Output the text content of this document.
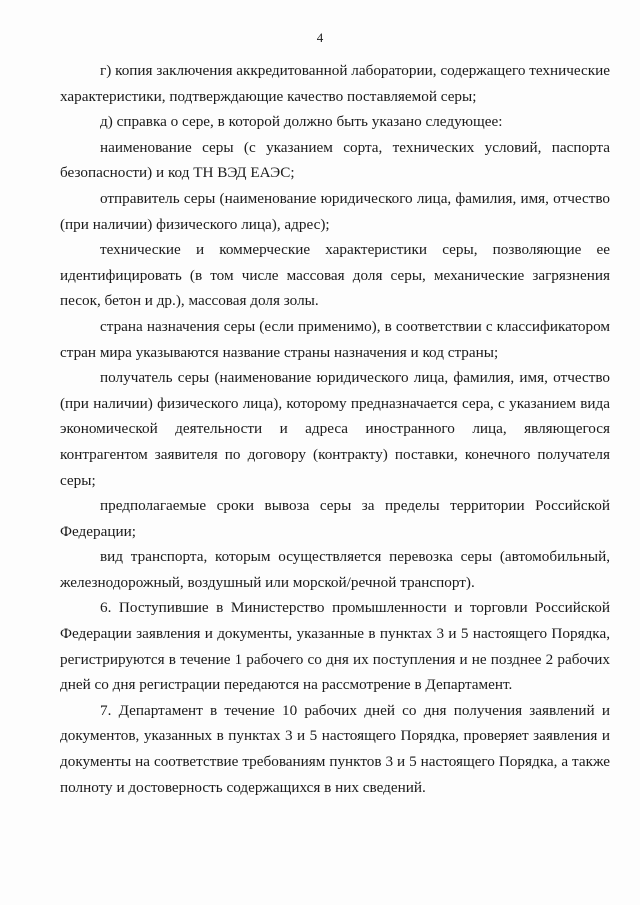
4

г) копия заключения аккредитованной лаборатории, содержащего технические характеристики, подтверждающие качество поставляемой серы;

д) справка о сере, в которой должно быть указано следующее:

наименование серы (с указанием сорта, технических условий, паспорта безопасности) и код ТН ВЭД ЕАЭС;

отправитель серы (наименование юридического лица, фамилия, имя, отчество (при наличии) физического лица), адрес);

технические и коммерческие характеристики серы, позволяющие ее идентифицировать (в том числе массовая доля серы, механические загрязнения песок, бетон и др.), массовая доля золы.

страна назначения серы (если применимо), в соответствии с классификатором стран мира указываются название страны назначения и код страны;

получатель серы (наименование юридического лица, фамилия, имя, отчество (при наличии) физического лица), которому предназначается сера, с указанием вида экономической деятельности и адреса иностранного лица, являющегося контрагентом заявителя по договору (контракту) поставки, конечного получателя серы;

предполагаемые сроки вывоза серы за пределы территории Российской Федерации;

вид транспорта, которым осуществляется перевозка серы (автомобильный, железнодорожный, воздушный или морской/речной транспорт).

6. Поступившие в Министерство промышленности и торговли Российской Федерации заявления и документы, указанные в пунктах 3 и 5 настоящего Порядка, регистрируются в течение 1 рабочего со дня их поступления и не позднее 2 рабочих дней со дня регистрации передаются на рассмотрение в Департамент.

7. Департамент в течение 10 рабочих дней со дня получения заявлений и документов, указанных в пунктах 3 и 5 настоящего Порядка, проверяет заявления и документы на соответствие требованиям пунктов 3 и 5 настоящего Порядка, а также полноту и достоверность содержащихся в них сведений.
